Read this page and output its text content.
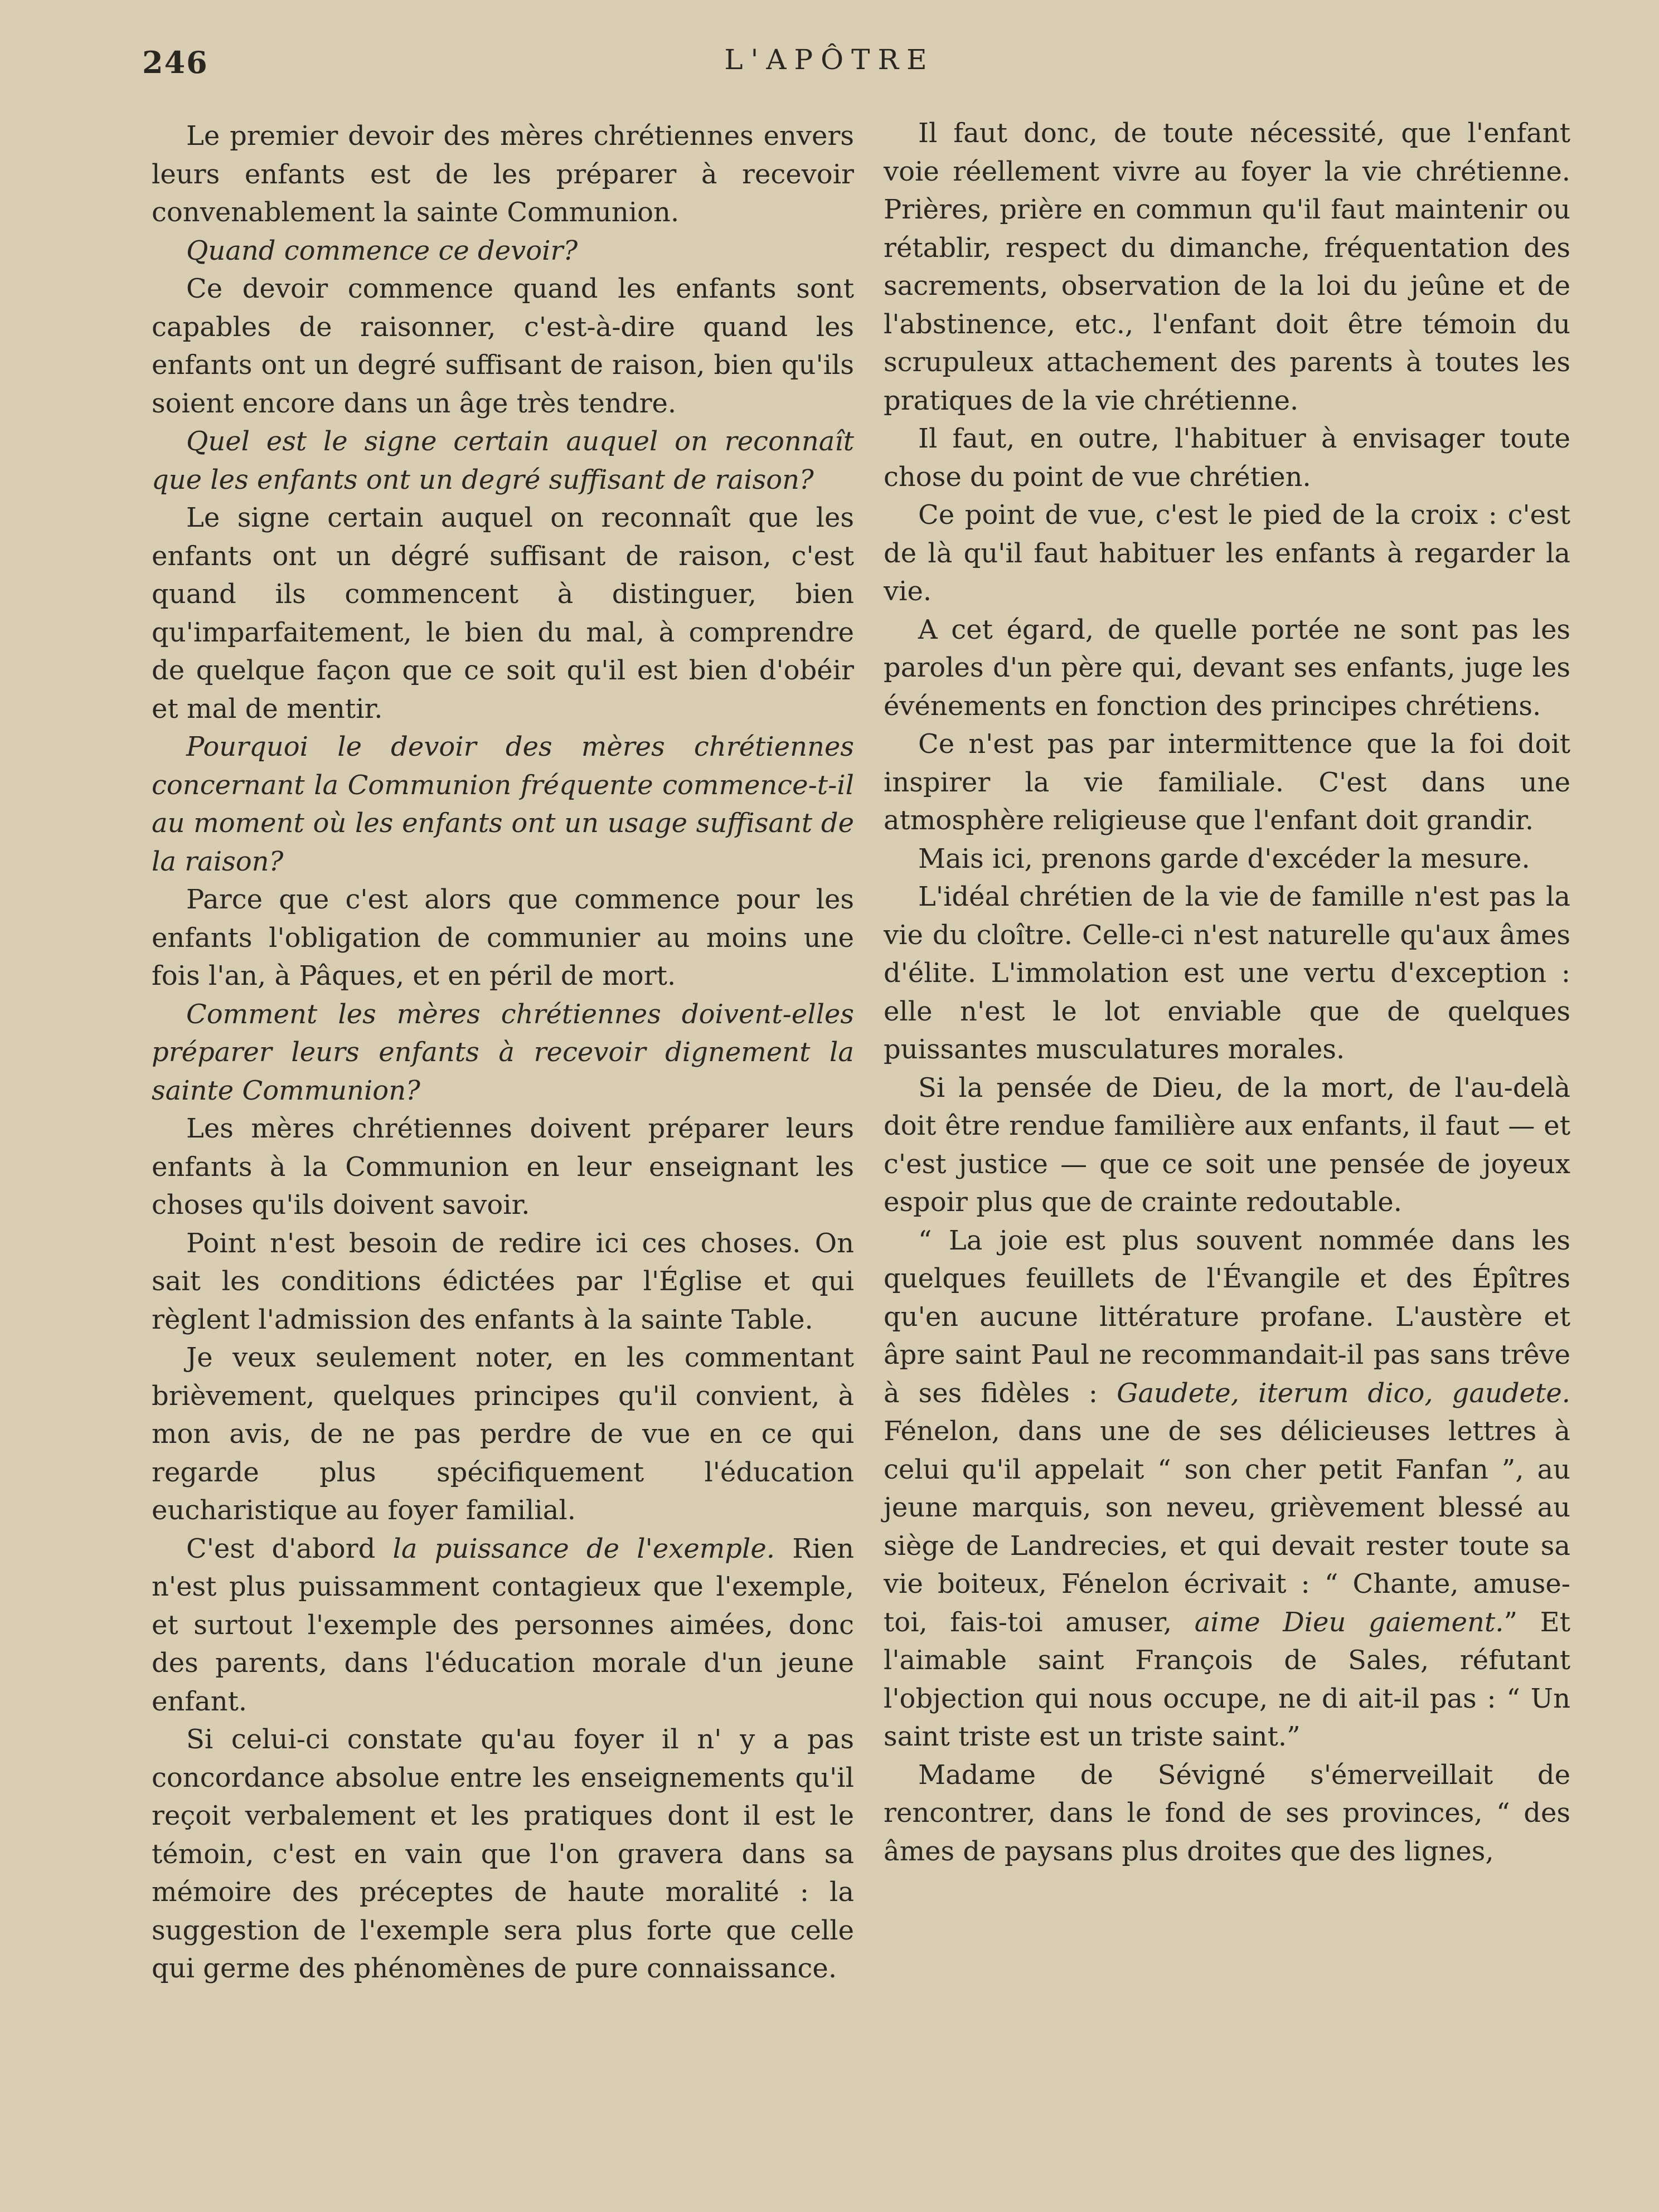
246	L'APÔTRE

Le premier devoir des mères chrétiennes envers leurs enfants est de les préparer à recevoir convenablement la sainte Communion.

Quand commence ce devoir?

Ce devoir commence quand les enfants sont capables de raisonner, c'est-à-dire quand les enfants ont un degré suffisant de raison, bien qu'ils soient encore dans un âge très tendre.

Quel est le signe certain auquel on reconnaît que les enfants ont un degré suffisant de raison?

Le signe certain auquel on reconnaît que les enfants ont un dégré suffisant de raison, c'est quand ils commencent à distinguer, bien qu'imparfaitement, le bien du mal, à comprendre de quelque façon que ce soit qu'il est bien d'obéir et mal de mentir.

Pourquoi le devoir des mères chrétiennes concernant la Communion fréquente commence-t-il au moment où les enfants ont un usage suffisant de la raison?

Parce que c'est alors que commence pour les enfants l'obligation de communier au moins une fois l'an, à Pâques, et en péril de mort.

Comment les mères chrétiennes doivent-elles préparer leurs enfants à recevoir dignement la sainte Communion?

Les mères chrétiennes doivent préparer leurs enfants à la Communion en leur enseignant les choses qu'ils doivent savoir.

Point n'est besoin de redire ici ces choses. On sait les conditions édictées par l'Église et qui règlent l'admission des enfants à la sainte Table.

Je veux seulement noter, en les commentant brièvement, quelques principes qu'il convient, à mon avis, de ne pas perdre de vue en ce qui regarde plus spécifiquement l'éducation eucharistique au foyer familial.

C'est d'abord la puissance de l'exemple. Rien n'est plus puissamment contagieux que l'exemple, et surtout l'exemple des personnes aimées, donc des parents, dans l'éducation morale d'un jeune enfant.

Si celui-ci constate qu'au foyer il n' y a pas concordance absolue entre les enseignements qu'il reçoit verbalement et les pratiques dont il est le témoin, c'est en vain que l'on gravera dans sa mémoire des préceptes de haute moralité : la suggestion de l'exemple sera plus forte que celle qui germe des phénomènes de pure connaissance.

Il faut donc, de toute nécessité, que l'enfant voie réellement vivre au foyer la vie chrétienne. Prières, prière en commun qu'il faut maintenir ou rétablir, respect du dimanche, fréquentation des sacrements, observation de la loi du jeûne et de l'abstinence, etc., l'enfant doit être témoin du scrupuleux attachement des parents à toutes les pratiques de la vie chrétienne.

Il faut, en outre, l'habituer à envisager toute chose du point de vue chrétien.

Ce point de vue, c'est le pied de la croix : c'est de là qu'il faut habituer les enfants à regarder la vie.

A cet égard, de quelle portée ne sont pas les paroles d'un père qui, devant ses enfants, juge les événements en fonction des principes chrétiens.

Ce n'est pas par intermittence que la foi doit inspirer la vie familiale. C'est dans une atmosphère religieuse que l'enfant doit grandir.

Mais ici, prenons garde d'excéder la mesure.

L'idéal chrétien de la vie de famille n'est pas la vie du cloître. Celle-ci n'est naturelle qu'aux âmes d'élite. L'immolation est une vertu d'exception : elle n'est le lot enviable que de quelques puissantes musculatures morales.

Si la pensée de Dieu, de la mort, de l'au-delà doit être rendue familière aux enfants, il faut — et c'est justice — que ce soit une pensée de joyeux espoir plus que de crainte redoutable.

“ La joie est plus souvent nommée dans les quelques feuillets de l'Évangile et des Épîtres qu'en aucune littérature profane. L'austère et âpre saint Paul ne recommandait-il pas sans trêve à ses fidèles : Gaudete, iterum dico, gaudete. Fénelon, dans une de ses délicieuses lettres à celui qu'il appelait “ son cher petit Fanfan ”, au jeune marquis, son neveu, grièvement blessé au siège de Landrecies, et qui devait rester toute sa vie boiteux, Fénelon écrivait : “ Chante, amuse-toi, fais-toi amuser, aime Dieu gaiement.” Et l'aimable saint François de Sales, réfutant l'objection qui nous occupe, ne di ait-il pas : “ Un saint triste est un triste saint.”

Madame de Sévigné s'émerveillait de rencontrer, dans le fond de ses provinces, “ des âmes de paysans plus droites que des lignes,
